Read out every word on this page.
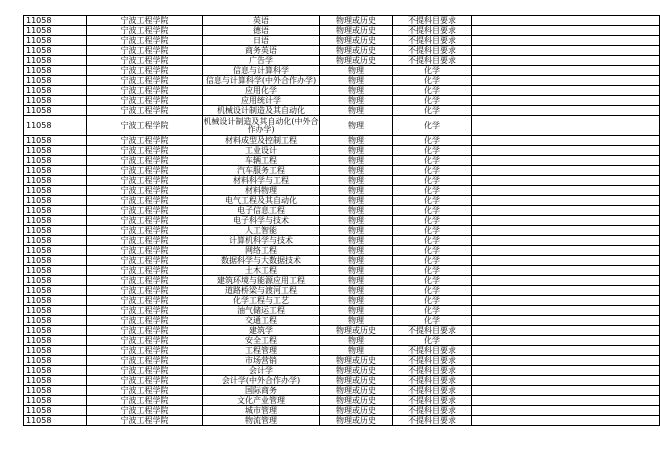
11058	宁波工程学院	英语	物理或历史	不提科目要求	
11058	宁波工程学院	德语	物理或历史	不提科目要求	
11058	宁波工程学院	日语	物理或历史	不提科目要求	
11058	宁波工程学院	商务英语	物理或历史	不提科目要求	
11058	宁波工程学院	广告学	物理或历史	不提科目要求	
11058	宁波工程学院	信息与计算科学	物理	化学	
11058	宁波工程学院	信息与计算科学(中外合作办学)	物理	化学	
11058	宁波工程学院	应用化学	物理	化学	
11058	宁波工程学院	应用统计学	物理	化学	
11058	宁波工程学院	机械设计制造及其自动化	物理	化学	
11058	宁波工程学院	机械设计制造及其自动化(中外合作办学)	物理	化学	
11058	宁波工程学院	材料成型及控制工程	物理	化学	
11058	宁波工程学院	工业设计	物理	化学	
11058	宁波工程学院	车辆工程	物理	化学	
11058	宁波工程学院	汽车服务工程	物理	化学	
11058	宁波工程学院	材料科学与工程	物理	化学	
11058	宁波工程学院	材料物理	物理	化学	
11058	宁波工程学院	电气工程及其自动化	物理	化学	
11058	宁波工程学院	电子信息工程	物理	化学	
11058	宁波工程学院	电子科学与技术	物理	化学	
11058	宁波工程学院	人工智能	物理	化学	
11058	宁波工程学院	计算机科学与技术	物理	化学	
11058	宁波工程学院	网络工程	物理	化学	
11058	宁波工程学院	数据科学与大数据技术	物理	化学	
11058	宁波工程学院	土木工程	物理	化学	
11058	宁波工程学院	建筑环境与能源应用工程	物理	化学	
11058	宁波工程学院	道路桥梁与渡河工程	物理	化学	
11058	宁波工程学院	化学工程与工艺	物理	化学	
11058	宁波工程学院	油气储运工程	物理	化学	
11058	宁波工程学院	交通工程	物理	化学	
11058	宁波工程学院	建筑学	物理或历史	不提科目要求	
11058	宁波工程学院	安全工程	物理	化学	
11058	宁波工程学院	工程管理	物理	不提科目要求	
11058	宁波工程学院	市场营销	物理或历史	不提科目要求	
11058	宁波工程学院	会计学	物理或历史	不提科目要求	
11058	宁波工程学院	会计学(中外合作办学)	物理或历史	不提科目要求	
11058	宁波工程学院	国际商务	物理或历史	不提科目要求	
11058	宁波工程学院	文化产业管理	物理或历史	不提科目要求	
11058	宁波工程学院	城市管理	物理或历史	不提科目要求	
11058	宁波工程学院	物流管理	物理或历史	不提科目要求	
